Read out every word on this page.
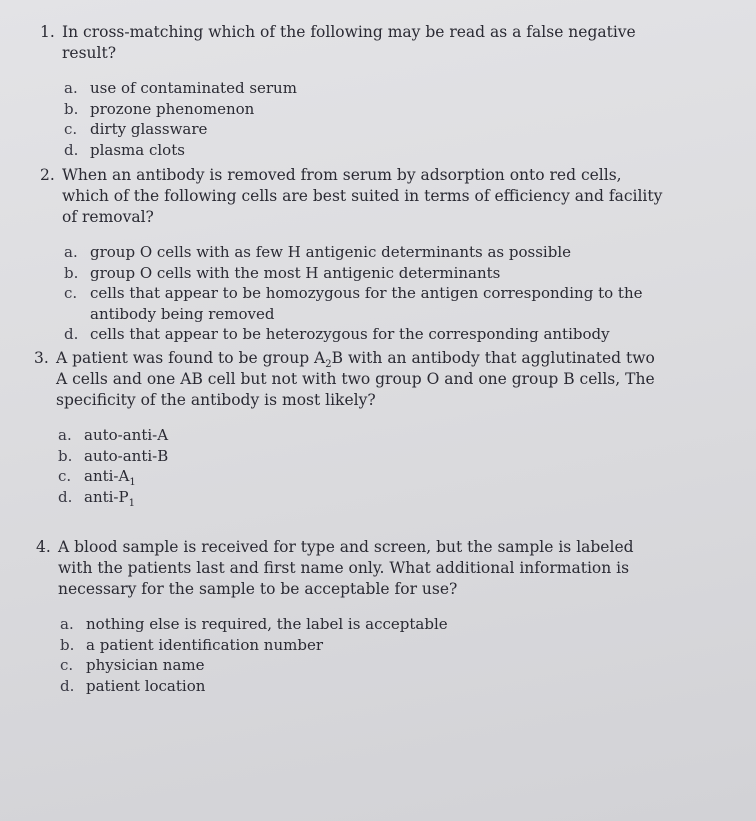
1. In cross-matching which of the following may be read as a false negative result?
a. use of contaminated serum
b. prozone phenomenon
c. dirty glassware
d. plasma clots
2. When an antibody is removed from serum by adsorption onto red cells, which of the following cells are best suited in terms of efficiency and facility of removal?
a. group O cells with as few H antigenic determinants as possible
b. group O cells with the most H antigenic determinants
c. cells that appear to be homozygous for the antigen corresponding to the antibody being removed
d. cells that appear to be heterozygous for the corresponding antibody
3. A patient was found to be group $A_2B$ with an antibody that agglutinated two A cells and one AB cell but not with two group O and one group B cells, The specificity of the antibody is most likely?
a. auto-anti-A
b. auto-anti-B
c. anti-$A_1$
d. anti-$P_1$
4. A blood sample is received for type and screen, but the sample is labeled with the patients last and first name only. What additional information is necessary for the sample to be acceptable for use?
a. nothing else is required, the label is acceptable
b. a patient identification number
c. physician name
d. patient location
